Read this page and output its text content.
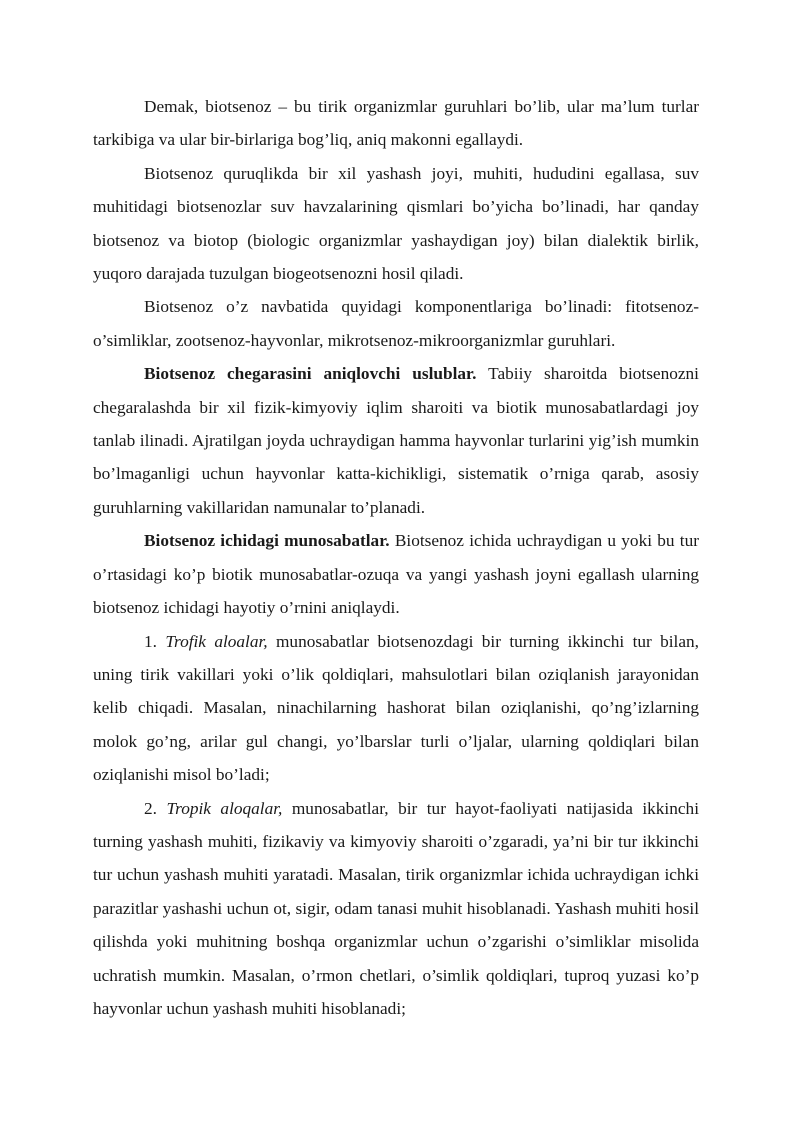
Demak, biotsenoz – bu tirik organizmlar guruhlari bo’lib, ular ma’lum turlar tarkibiga va ular bir-birlariga bog’liq, aniq makonni egallaydi.

Biotsenoz quruqlikda bir xil yashash joyi, muhiti, hududini egallasa, suv muhitidagi biotsenozlar suv havzalarining qismlari bo’yicha bo’linadi, har qanday biotsenoz va biotop (biologic organizmlar yashaydigan joy) bilan dialektik birlik, yuqoro darajada tuzulgan biogeotsenozni hosil qiladi.

Biotsenoz o’z navbatida quyidagi komponentlariga bo’linadi: fitotsenoz-o’simliklar, zootsenoz-hayvonlar, mikrotsenoz-mikroorganizmlar guruhlari.

Biotsenoz chegarasini aniqlovchi uslublar. Tabiiy sharoitda biotsenozni chegaralashda bir xil fizik-kimyoviy iqlim sharoiti va biotik munosabatlardagi joy tanlab ilinadi. Ajratilgan joyda uchraydigan hamma hayvonlar turlarini yig’ish mumkin bo’lmaganligi uchun hayvonlar katta-kichikligi, sistematik o’rniga qarab, asosiy guruhlarning vakillaridan namunalar to’planadi.

Biotsenoz ichidagi munosabatlar. Biotsenoz ichida uchraydigan u yoki bu tur o’rtasidagi ko’p biotik munosabatlar-ozuqa va yangi yashash joyni egallash ularning biotsenoz ichidagi hayotiy o’rnini aniqlaydi.

1. Trofik aloalar, munosabatlar biotsenozdagi bir turning ikkinchi tur bilan, uning tirik vakillari yoki o’lik qoldiqlari, mahsulotlari bilan oziqlanish jarayonidan kelib chiqadi. Masalan, ninachilarning hashorat bilan oziqlanishi, qo’ng’izlarning molok go’ng, arilar gul changi, yo’lbarslar turli o’ljalar, ularning qoldiqlari bilan oziqlanishi misol bo’ladi;

2. Tropik aloqalar, munosabatlar, bir tur hayot-faoliyati natijasida ikkinchi turning yashash muhiti, fizikaviy va kimyoviy sharoiti o’zgaradi, ya’ni bir tur ikkinchi tur uchun yashash muhiti yaratadi. Masalan, tirik organizmlar ichida uchraydigan ichki parazitlar yashashi uchun ot, sigir, odam tanasi muhit hisoblanadi. Yashash muhiti hosil qilishda yoki muhitning boshqa organizmlar uchun o’zgarishi o’simliklar misolida uchratish mumkin. Masalan, o’rmon chetlari, o’simlik qoldiqlari, tuproq yuzasi ko’p hayvonlar uchun yashash muhiti hisoblanadi;
